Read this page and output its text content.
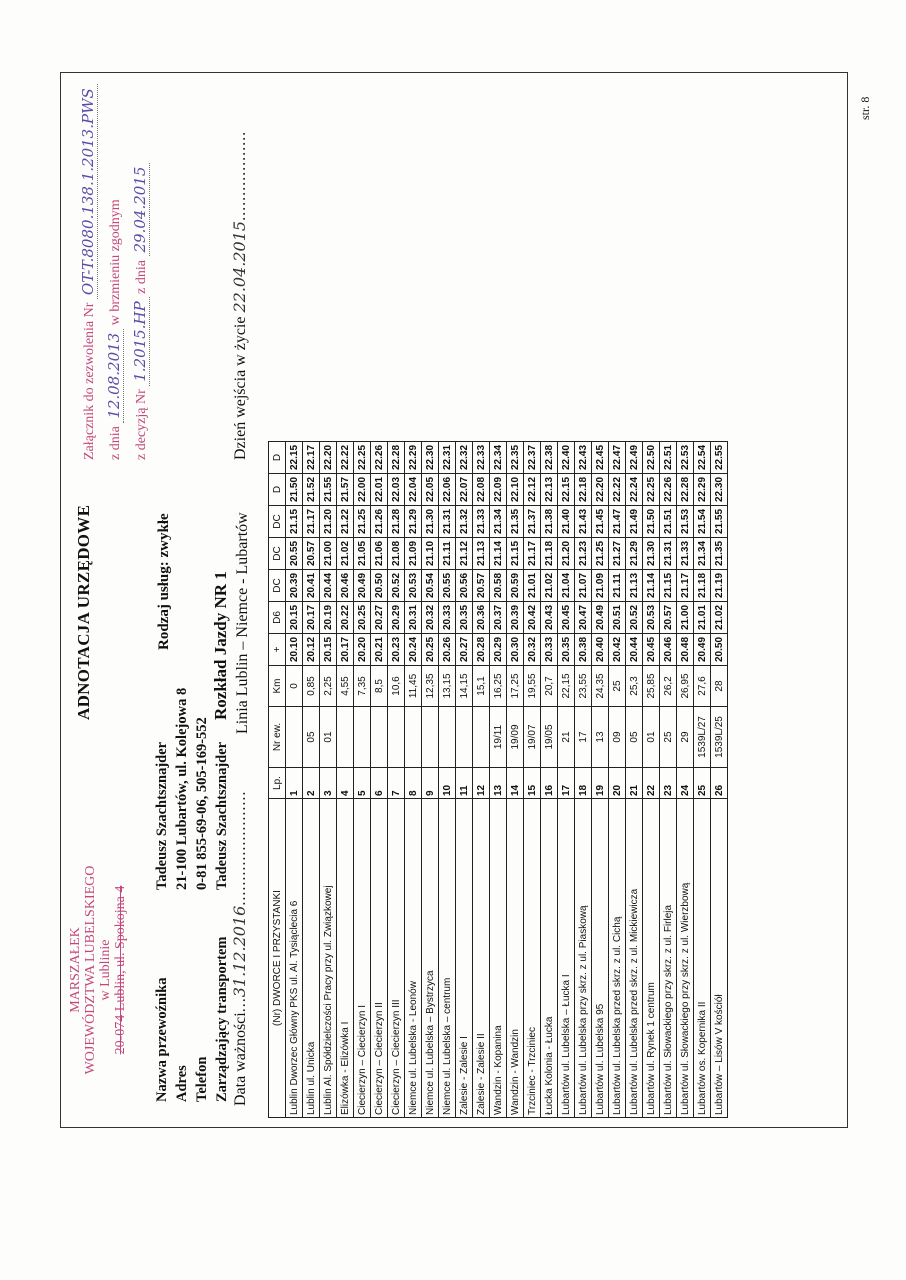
str. 8
MARSZAŁEK WOJEWÓDZTWA LUBELSKIEGO w Lublinie 20-074 Lublin, ul. Spokojna 4
ADNOTACJA URZĘDOWE
Załącznik do zezwolenia Nr OT-T.8080.138.1.2013.PWS
z dnia 12.08.2013 w brzmieniu zgodnym
z decyzją Nr 1.2015.HP z dnia 29.04.2015
Nazwa przewoźnika
Tadeusz Szachtsznajder
Adres
21-100 Lubartów, ul. Kolejowa 8
Telefon
0-81 855-69-06, 505-169-552
Zarządzający transportem
Tadeusz Szachtsznajder
Rodzaj usług: zwykłe Rozkład Jazdy NR 1 Linia Lublin – Niemce - Lubartów
Data ważności...31.12.2016.......................
Dzień wejścia w życie 22.04.2015..................
(Nr) DWORCE I PRZYSTANKI	Lp.	Nr ew.	Km	+	D6	DC	DC	DC	D	D
Lublin Dworzec Główny PKS ul. Al. Tysiąclecia 6	1		0	20.10	20.15	20.39	20.55	21.15	21.50	22.15
Lublin ul. Unicka	2	05	0,85	20.12	20.17	20.41	20.57	21.17	21.52	22.17
Lublin Al. Spółdzielczości Pracy przy ul. Związkowej	3	01	2,25	20.15	20.19	20.44	21.00	21.20	21.55	22.20
Elizówka - Elizówka I	4		4,55	20.17	20.22	20.46	21.02	21.22	21.57	22.22
Ciecierzyn – Ciecierzyn I	5		7,35	20.20	20.25	20.49	21.05	21.25	22.00	22.25
Ciecierzyn – Ciecierzyn II	6		8,5	20.21	20.27	20.50	21.06	21.26	22.01	22.26
Ciecierzyn – Ciecierzyn III	7		10,6	20.23	20.29	20.52	21.08	21.28	22.03	22.28
Niemce ul. Lubelska - Leonów	8		11,45	20.24	20.31	20.53	21.09	21.29	22.04	22.29
Niemce ul. Lubelska – Bystrzyca	9		12,35	20.25	20.32	20.54	21.10	21.30	22.05	22.30
Niemce ul. Lubelska – centrum	10		13,15	20.26	20.33	20.55	21.11	21.31	22.06	22.31
Zalesie - Zalesie I	11		14,15	20.27	20.35	20.56	21.12	21.32	22.07	22.32
Zalesie - Zalesie II	12		15,1	20.28	20.36	20.57	21.13	21.33	22.08	22.33
Wandzin - Kopanina	13	19/11	16,25	20.29	20.37	20.58	21.14	21.34	22.09	22.34
Wandzin - Wandzin	14	19/09	17,25	20.30	20.39	20.59	21.15	21.35	22.10	22.35
Trzciniec - Trzciniec	15	19/07	19,55	20.32	20.42	21.01	21.17	21.37	22.12	22.37
Łucka Kolonia - Łucka	16	19/05	20,7	20.33	20.43	21.02	21.18	21.38	22.13	22.38
Lubartów ul. Lubelska – Łucka I	17	21	22,15	20.35	20.45	21.04	21.20	21.40	22.15	22.40
Lubartów ul. Lubelska przy skrz. z ul. Piaskową	18	17	23,55	20.38	20.47	21.07	21.23	21.43	22.18	22.43
Lubartów ul. Lubelska 95	19	13	24,35	20.40	20.49	21.09	21.25	21.45	22.20	22.45
Lubartów ul. Lubelska przed skrz. z ul. Cichą	20	09	25	20.42	20.51	21.11	21.27	21.47	22.22	22.47
Lubartów ul. Lubelska przed skrz. z ul. Mickiewicza	21	05	25,3	20.44	20.52	21.13	21.29	21.49	22.24	22.49
Lubartów ul. Rynek 1 centrum	22	01	25,85	20.45	20.53	21.14	21.30	21.50	22.25	22.50
Lubartów ul. Słowackiego przy skrz. z ul. Firleja	23	25	26,2	20.46	20.57	21.15	21.31	21.51	22.26	22.51
Lubartów ul. Słowackiego przy skrz. z ul. Wierzbową	24	29	26,95	20.48	21.00	21.17	21.33	21.53	22.28	22.53
Lubartów os. Kopernika II	25	1539L/27	27,6	20.49	21.01	21.18	21.34	21.54	22.29	22.54
Lubartów – Lisów V kościół	26	1539L/25	28	20.50	21.02	21.19	21.35	21.55	22.30	22.55
